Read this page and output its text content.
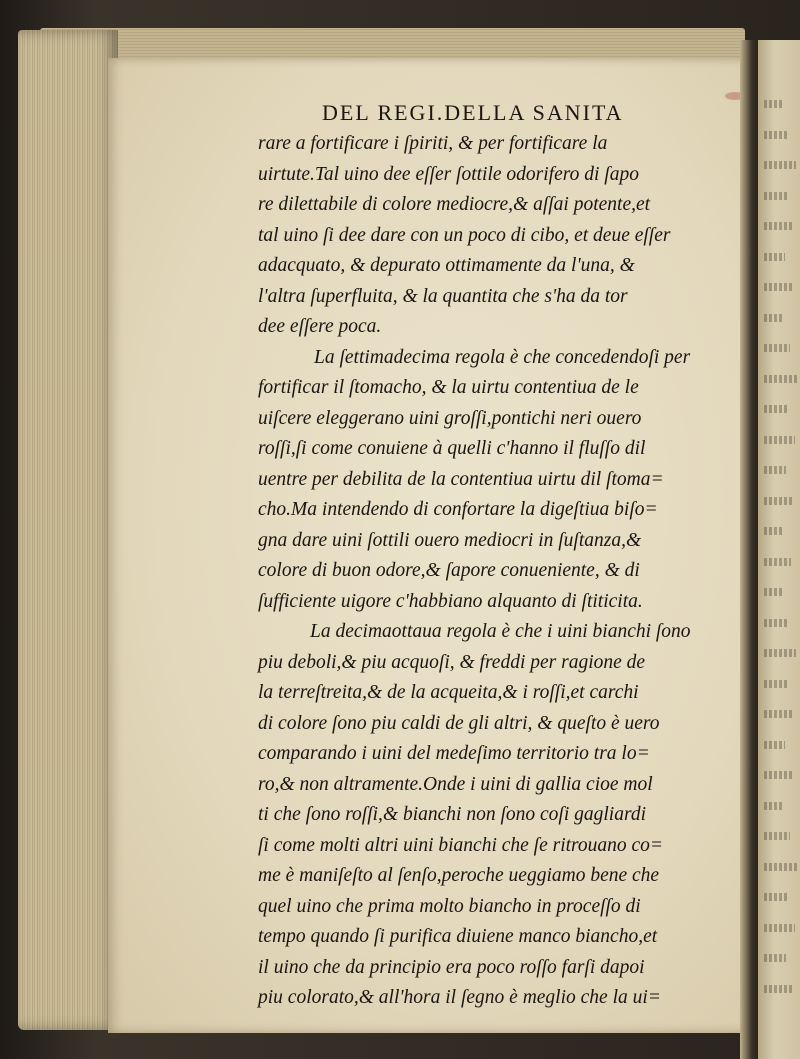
DEL REGI.DELLA SANITA
rare a fortificare i ſpiriti, & per fortificare la
uirtute.Tal uino dee eſſer ſottile odorifero di ſapo
re dilettabile di colore mediocre,& aſſai potente,et
tal uino ſi dee dare con un poco di cibo, et deue eſſer
adacquato, & depurato ottimamente da l'una, &
l'altra ſuperfluita, & la quantita che s'ha da tor
dee eſſere poca.
La ſettimadecima regola è che concedendoſi per
fortificar il ſtomacho, & la uirtu contentiua de le
uiſcere eleggerano uini groſſi,pontichi neri ouero
roſſi,ſi come conuiene à quelli c'hanno il fluſſo dil
uentre per debilita de la contentiua uirtu dil ſtoma=
cho.Ma intendendo di confortare la digeſtiua biſo=
gna dare uini ſottili ouero mediocri in ſuſtanza,&
colore di buon odore,& ſapore conueniente, & di
ſufficiente uigore c'habbiano alquanto di ſtiticita.
La decimaottaua regola è che i uini bianchi ſono
piu deboli,& piu acquoſi, & freddi per ragione de
la terreſtreita,& de la acqueita,& i roſſi,et carchi
di colore ſono piu caldi de gli altri, & queſto è uero
comparando i uini del medeſimo territorio tra lo=
ro,& non altramente.Onde i uini di gallia cioe mol
ti che ſono roſſi,& bianchi non ſono coſi gagliardi
ſi come molti altri uini bianchi che ſe ritrouano co=
me è maniſeſto al ſenſo,peroche ueggiamo bene che
quel uino che prima molto biancho in proceſſo di
tempo quando ſi purifica diuiene manco biancho,et
il uino che da principio era poco roſſo farſi dapoi
piu colorato,& all'hora il ſegno è meglio che la ui=
